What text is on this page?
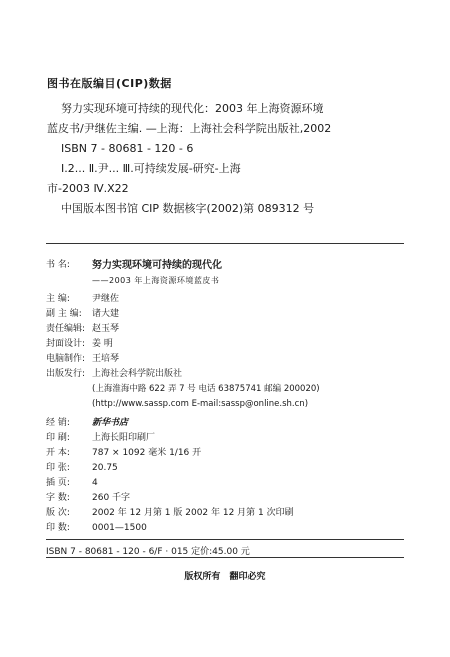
图书在版编目(CIP)数据
努力实现环境可持续的现代化：2003 年上海资源环境
蓝皮书/尹继佐主编. —上海：上海社会科学院出版社,2002
ISBN 7 - 80681 - 120 - 6
Ⅰ.2... Ⅱ.尹... Ⅲ.可持续发展-研究-上海
市-2003 Ⅳ.X22
中国版本图书馆 CIP 数据核字(2002)第 089312 号
书 名:	努力实现环境可持续的现代化
——2003 年上海资源环境蓝皮书
主 编:	尹继佐
副 主 编:	诸大建
责任编辑: 赵玉琴
封面设计: 姜 明
电脑制作: 王培琴
出版发行: 上海社会科学院出版社
(上海淮海中路 622 弄 7 号 电话 63875741 邮编 200020)
(http://www.sassp.com E-mail:sassp@online.sh.cn)
经 销:	新华书店
印 刷:	上海长阳印刷厂
开 本:	787 × 1092 毫米 1/16 开
印 张:	20.75
插 页:	4
字 数:	260 千字
版 次:	2002 年 12 月第 1 版 2002 年 12 月第 1 次印刷
印 数:	0001—1500
ISBN 7 - 80681 - 120 - 6/F · 015 定价:45.00 元
版权所有 翻印必究
